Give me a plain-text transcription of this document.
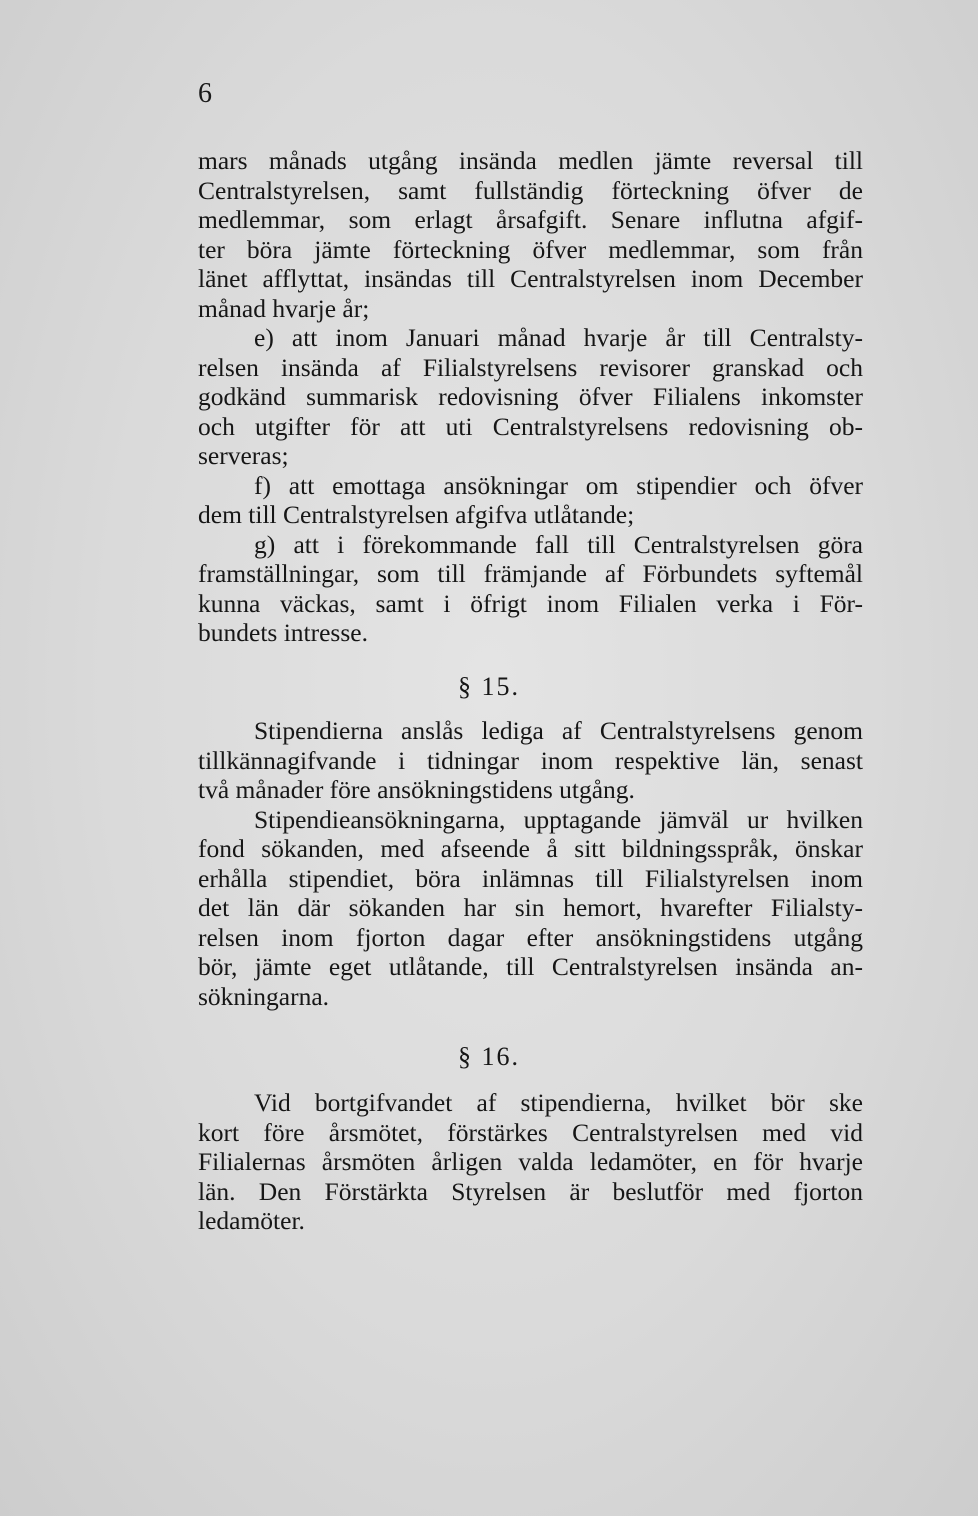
6
mars månads utgång insända medlen jämte reversal till
Centralstyrelsen, samt fullständig förteckning öfver de
medlemmar, som erlagt årsafgift. Senare influtna afgif-
ter böra jämte förteckning öfver medlemmar, som från
länet afflyttat, insändas till Centralstyrelsen inom December
månad hvarje år;
e) att inom Januari månad hvarje år till Centralsty-
relsen insända af Filialstyrelsens revisorer granskad och
godkänd summarisk redovisning öfver Filialens inkomster
och utgifter för att uti Centralstyrelsens redovisning ob-
serveras;
f) att emottaga ansökningar om stipendier och öfver
dem till Centralstyrelsen afgifva utlåtande;
g) att i förekommande fall till Centralstyrelsen göra
framställningar, som till främjande af Förbundets syftemål
kunna väckas, samt i öfrigt inom Filialen verka i För-
bundets intresse.
§ 15.
Stipendierna anslås lediga af Centralstyrelsens genom
tillkännagifvande i tidningar inom respektive län, senast
två månader före ansökningstidens utgång.
Stipendieansökningarna, upptagande jämväl ur hvilken
fond sökanden, med afseende å sitt bildningsspråk, önskar
erhålla stipendiet, böra inlämnas till Filialstyrelsen inom
det län där sökanden har sin hemort, hvarefter Filialsty-
relsen inom fjorton dagar efter ansökningstidens utgång
bör, jämte eget utlåtande, till Centralstyrelsen insända an-
sökningarna.
§ 16.
Vid bortgifvandet af stipendierna, hvilket bör ske
kort före årsmötet, förstärkes Centralstyrelsen med vid
Filialernas årsmöten årligen valda ledamöter, en för hvarje
län. Den Förstärkta Styrelsen är beslutför med fjorton
ledamöter.
